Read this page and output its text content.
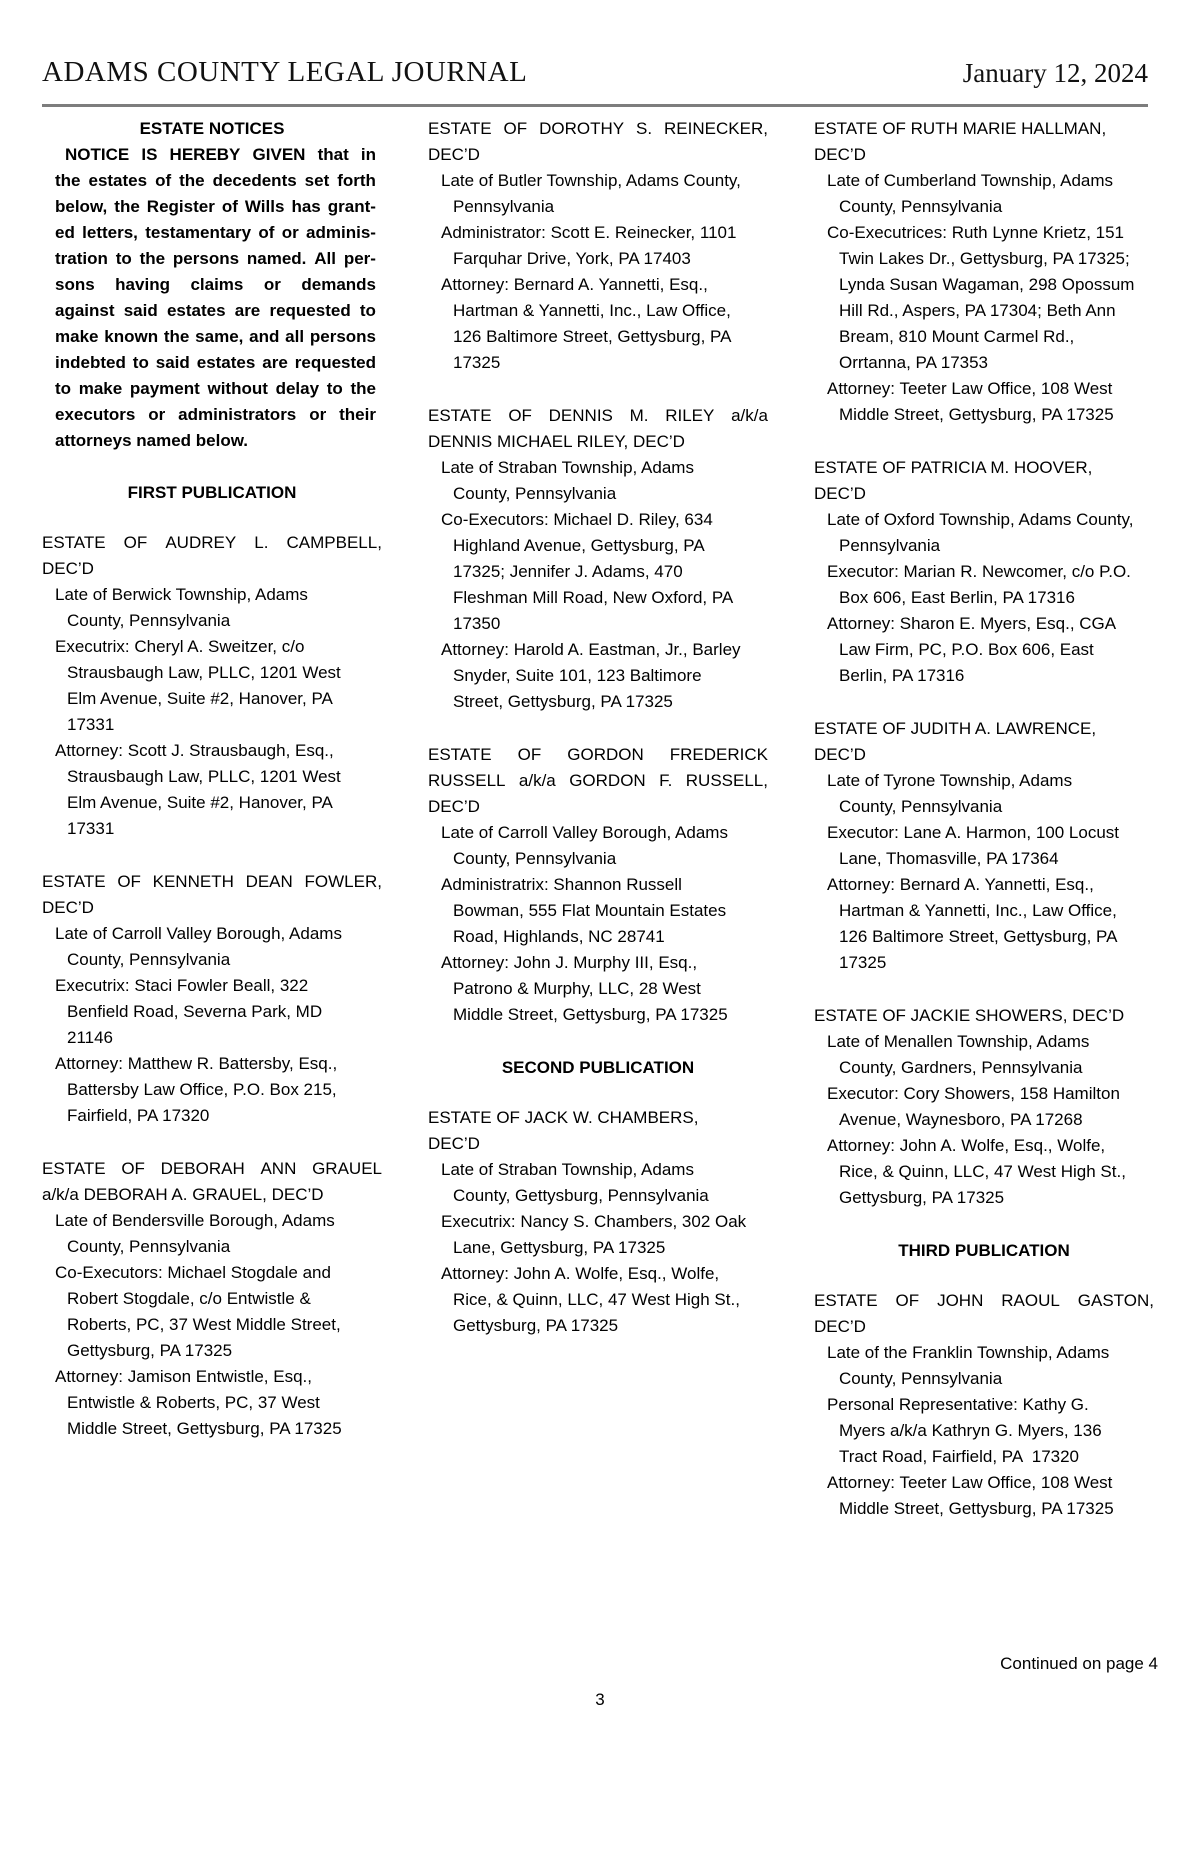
ADAMS COUNTY LEGAL JOURNAL	January 12, 2024
ESTATE NOTICES
NOTICE IS HEREBY GIVEN that in
the estates of the decedents set forth
below, the Register of Wills has grant-
ed letters, testamentary of or adminis-
tration to the persons named. All per-
sons having claims or demands
against said estates are requested to
make known the same, and all persons
indebted to said estates are requested
to make payment without delay to the
executors or administrators or their
attorneys named below.
FIRST PUBLICATION
ESTATE OF AUDREY L. CAMPBELL,
DEC’D
Late of Berwick Township, Adams
County, Pennsylvania
Executrix: Cheryl A. Sweitzer, c/o
Strausbaugh Law, PLLC, 1201 West
Elm Avenue, Suite #2, Hanover, PA
17331
Attorney: Scott J. Strausbaugh, Esq.,
Strausbaugh Law, PLLC, 1201 West
Elm Avenue, Suite #2, Hanover, PA
17331
ESTATE OF KENNETH DEAN FOWLER,
DEC’D
Late of Carroll Valley Borough, Adams
County, Pennsylvania
Executrix: Staci Fowler Beall, 322
Benfield Road, Severna Park, MD
21146
Attorney: Matthew R. Battersby, Esq.,
Battersby Law Office, P.O. Box 215,
Fairfield, PA 17320
ESTATE OF DEBORAH ANN GRAUEL
a/k/a DEBORAH A. GRAUEL, DEC’D
Late of Bendersville Borough, Adams
County, Pennsylvania
Co-Executors: Michael Stogdale and
Robert Stogdale, c/o Entwistle &
Roberts, PC, 37 West Middle Street,
Gettysburg, PA 17325
Attorney: Jamison Entwistle, Esq.,
Entwistle & Roberts, PC, 37 West
Middle Street, Gettysburg, PA 17325
ESTATE OF DOROTHY S. REINECKER,
DEC’D
Late of Butler Township, Adams County,
Pennsylvania
Administrator: Scott E. Reinecker, 1101
Farquhar Drive, York, PA 17403
Attorney: Bernard A. Yannetti, Esq.,
Hartman & Yannetti, Inc., Law Office,
126 Baltimore Street, Gettysburg, PA
17325
ESTATE OF DENNIS M. RILEY a/k/a
DENNIS MICHAEL RILEY, DEC’D
Late of Straban Township, Adams
County, Pennsylvania
Co-Executors: Michael D. Riley, 634
Highland Avenue, Gettysburg, PA
17325; Jennifer J. Adams, 470
Fleshman Mill Road, New Oxford, PA
17350
Attorney: Harold A. Eastman, Jr., Barley
Snyder, Suite 101, 123 Baltimore
Street, Gettysburg, PA 17325
ESTATE OF GORDON FREDERICK
RUSSELL a/k/a GORDON F. RUSSELL,
DEC’D
Late of Carroll Valley Borough, Adams
County, Pennsylvania
Administratrix: Shannon Russell
Bowman, 555 Flat Mountain Estates
Road, Highlands, NC 28741
Attorney: John J. Murphy III, Esq.,
Patrono & Murphy, LLC, 28 West
Middle Street, Gettysburg, PA 17325
SECOND PUBLICATION
ESTATE OF JACK W. CHAMBERS,
DEC’D
Late of Straban Township, Adams
County, Gettysburg, Pennsylvania
Executrix: Nancy S. Chambers, 302 Oak
Lane, Gettysburg, PA 17325
Attorney: John A. Wolfe, Esq., Wolfe,
Rice, & Quinn, LLC, 47 West High St.,
Gettysburg, PA 17325
ESTATE OF RUTH MARIE HALLMAN,
DEC’D
Late of Cumberland Township, Adams
County, Pennsylvania
Co-Executrices: Ruth Lynne Krietz, 151
Twin Lakes Dr., Gettysburg, PA 17325;
Lynda Susan Wagaman, 298 Opossum
Hill Rd., Aspers, PA 17304; Beth Ann
Bream, 810 Mount Carmel Rd.,
Orrtanna, PA 17353
Attorney: Teeter Law Office, 108 West
Middle Street, Gettysburg, PA 17325
ESTATE OF PATRICIA M. HOOVER,
DEC’D
Late of Oxford Township, Adams County,
Pennsylvania
Executor: Marian R. Newcomer, c/o P.O.
Box 606, East Berlin, PA 17316
Attorney: Sharon E. Myers, Esq., CGA
Law Firm, PC, P.O. Box 606, East
Berlin, PA 17316
ESTATE OF JUDITH A. LAWRENCE,
DEC’D
Late of Tyrone Township, Adams
County, Pennsylvania
Executor: Lane A. Harmon, 100 Locust
Lane, Thomasville, PA 17364
Attorney: Bernard A. Yannetti, Esq.,
Hartman & Yannetti, Inc., Law Office,
126 Baltimore Street, Gettysburg, PA
17325
ESTATE OF JACKIE SHOWERS, DEC’D
Late of Menallen Township, Adams
County, Gardners, Pennsylvania
Executor: Cory Showers, 158 Hamilton
Avenue, Waynesboro, PA 17268
Attorney: John A. Wolfe, Esq., Wolfe,
Rice, & Quinn, LLC, 47 West High St.,
Gettysburg, PA 17325
THIRD PUBLICATION
ESTATE OF JOHN RAOUL GASTON,
DEC’D
Late of the Franklin Township, Adams
County, Pennsylvania
Personal Representative: Kathy G.
Myers a/k/a Kathryn G. Myers, 136
Tract Road, Fairfield, PA  17320
Attorney: Teeter Law Office, 108 West
Middle Street, Gettysburg, PA 17325
Continued on page 4
3
